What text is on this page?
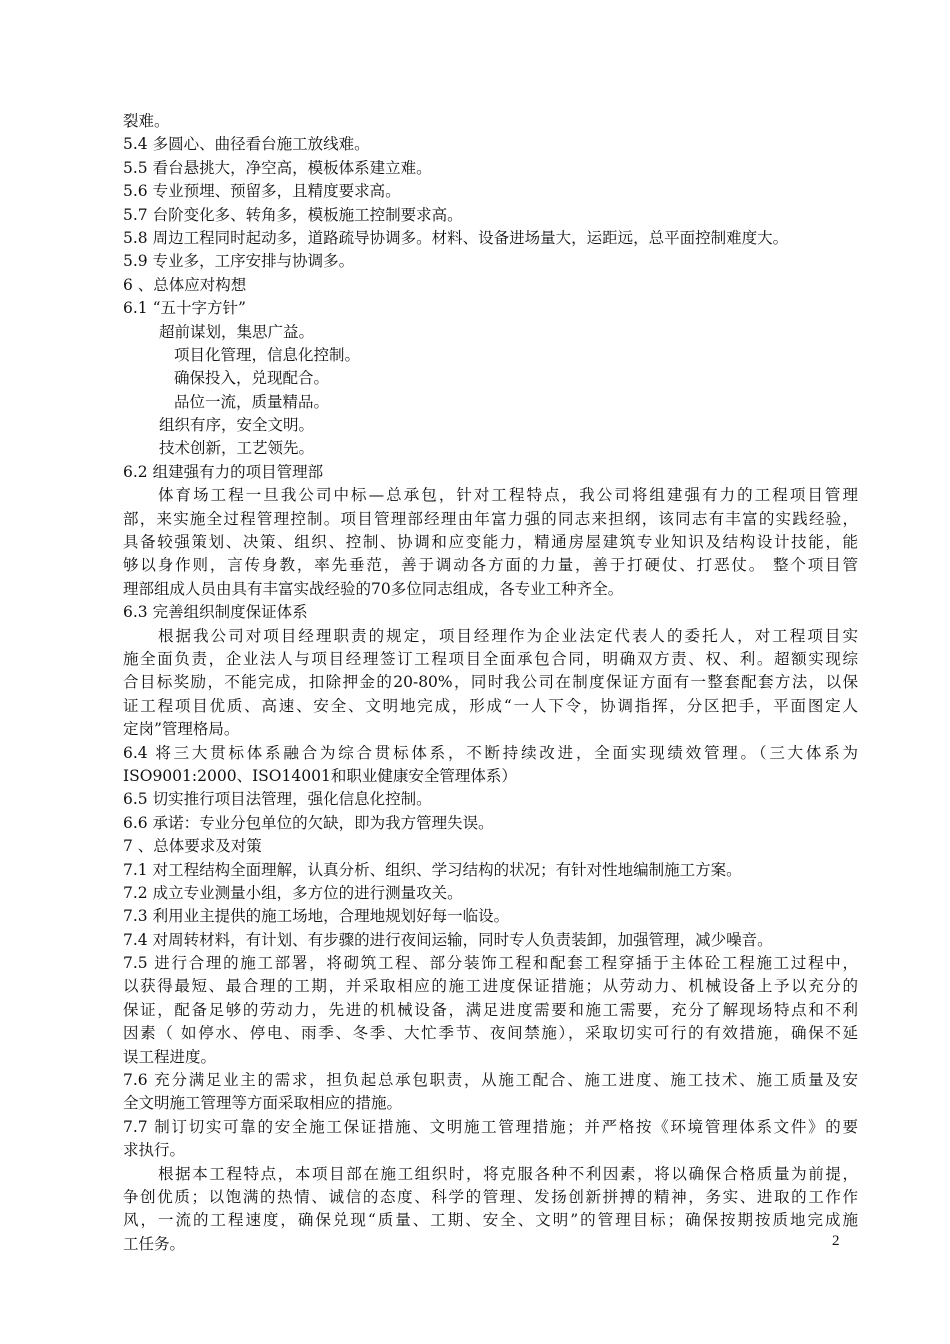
裂难。
5.4 多圆心、曲径看台施工放线难。
5.5 看台悬挑大，净空高，模板体系建立难。
5.6 专业预埋、预留多，且精度要求高。
5.7 台阶变化多、转角多，模板施工控制要求高。
5.8 周边工程同时起动多，道路疏导协调多。材料、设备进场量大，运距远，总平面控制难度大。
5.9 专业多，工序安排与协调多。
6 、总体应对构想
6.1 “五十字方针”
超前谋划，集思广益。
项目化管理，信息化控制。
确保投入，兑现配合。
品位一流，质量精品。
组织有序，安全文明。
技术创新，工艺领先。
6.2 组建强有力的项目管理部
体育场工程一旦我公司中标—总承包，针对工程特点，我公司将组建强有力的工程项目管理
部，来实施全过程管理控制。项目管理部经理由年富力强的同志来担纲，该同志有丰富的实践经验，
具备较强策划、决策、组织、控制、协调和应变能力，精通房屋建筑专业知识及结构设计技能，能
够以身作则，言传身教，率先垂范，善于调动各方面的力量，善于打硬仗、打恶仗。 整个项目管
理部组成人员由具有丰富实战经验的70多位同志组成，各专业工种齐全。
6.3 完善组织制度保证体系
根据我公司对项目经理职责的规定，项目经理作为企业法定代表人的委托人，对工程项目实
施全面负责，企业法人与项目经理签订工程项目全面承包合同，明确双方责、权、利。超额实现综
合目标奖励，不能完成，扣除押金的20-80%，同时我公司在制度保证方面有一整套配套方法，以保
证工程项目优质、高速、安全、文明地完成，形成“一人下令，协调指挥，分区把手，平面图定人
定岗”管理格局。
6.4 将三大贯标体系融合为综合贯标体系，不断持续改进，全面实现绩效管理。（三大体系为
ISO9001:2000、ISO14001和职业健康安全管理体系）
6.5 切实推行项目法管理，强化信息化控制。
6.6 承诺：专业分包单位的欠缺，即为我方管理失误。
7 、总体要求及对策
7.1 对工程结构全面理解，认真分析、组织、学习结构的状况；有针对性地编制施工方案。
7.2 成立专业测量小组，多方位的进行测量攻关。
7.3 利用业主提供的施工场地，合理地规划好每一临设。
7.4 对周转材料，有计划、有步骤的进行夜间运输，同时专人负责装卸，加强管理，减少噪音。
7.5 进行合理的施工部署，将砌筑工程、部分装饰工程和配套工程穿插于主体砼工程施工过程中，
以获得最短、最合理的工期，并采取相应的施工进度保证措施；从劳动力、机械设备上予以充分的
保证，配备足够的劳动力，先进的机械设备，满足进度需要和施工需要，充分了解现场特点和不利
因素（ 如停水、停电、雨季、冬季、大忙季节、夜间禁施），采取切实可行的有效措施，确保不延
误工程进度。
7.6 充分满足业主的需求，担负起总承包职责，从施工配合、施工进度、施工技术、施工质量及安
全文明施工管理等方面采取相应的措施。
7.7 制订切实可靠的安全施工保证措施、文明施工管理措施；并严格按《环境管理体系文件》的要
求执行。
根据本工程特点，本项目部在施工组织时，将克服各种不利因素，将以确保合格质量为前提，
争创优质；以饱满的热情、诚信的态度、科学的管理、发扬创新拼搏的精神，务实、进取的工作作
风，一流的工程速度，确保兑现“质量、工期、安全、文明”的管理目标；确保按期按质地完成施
工任务。	2
